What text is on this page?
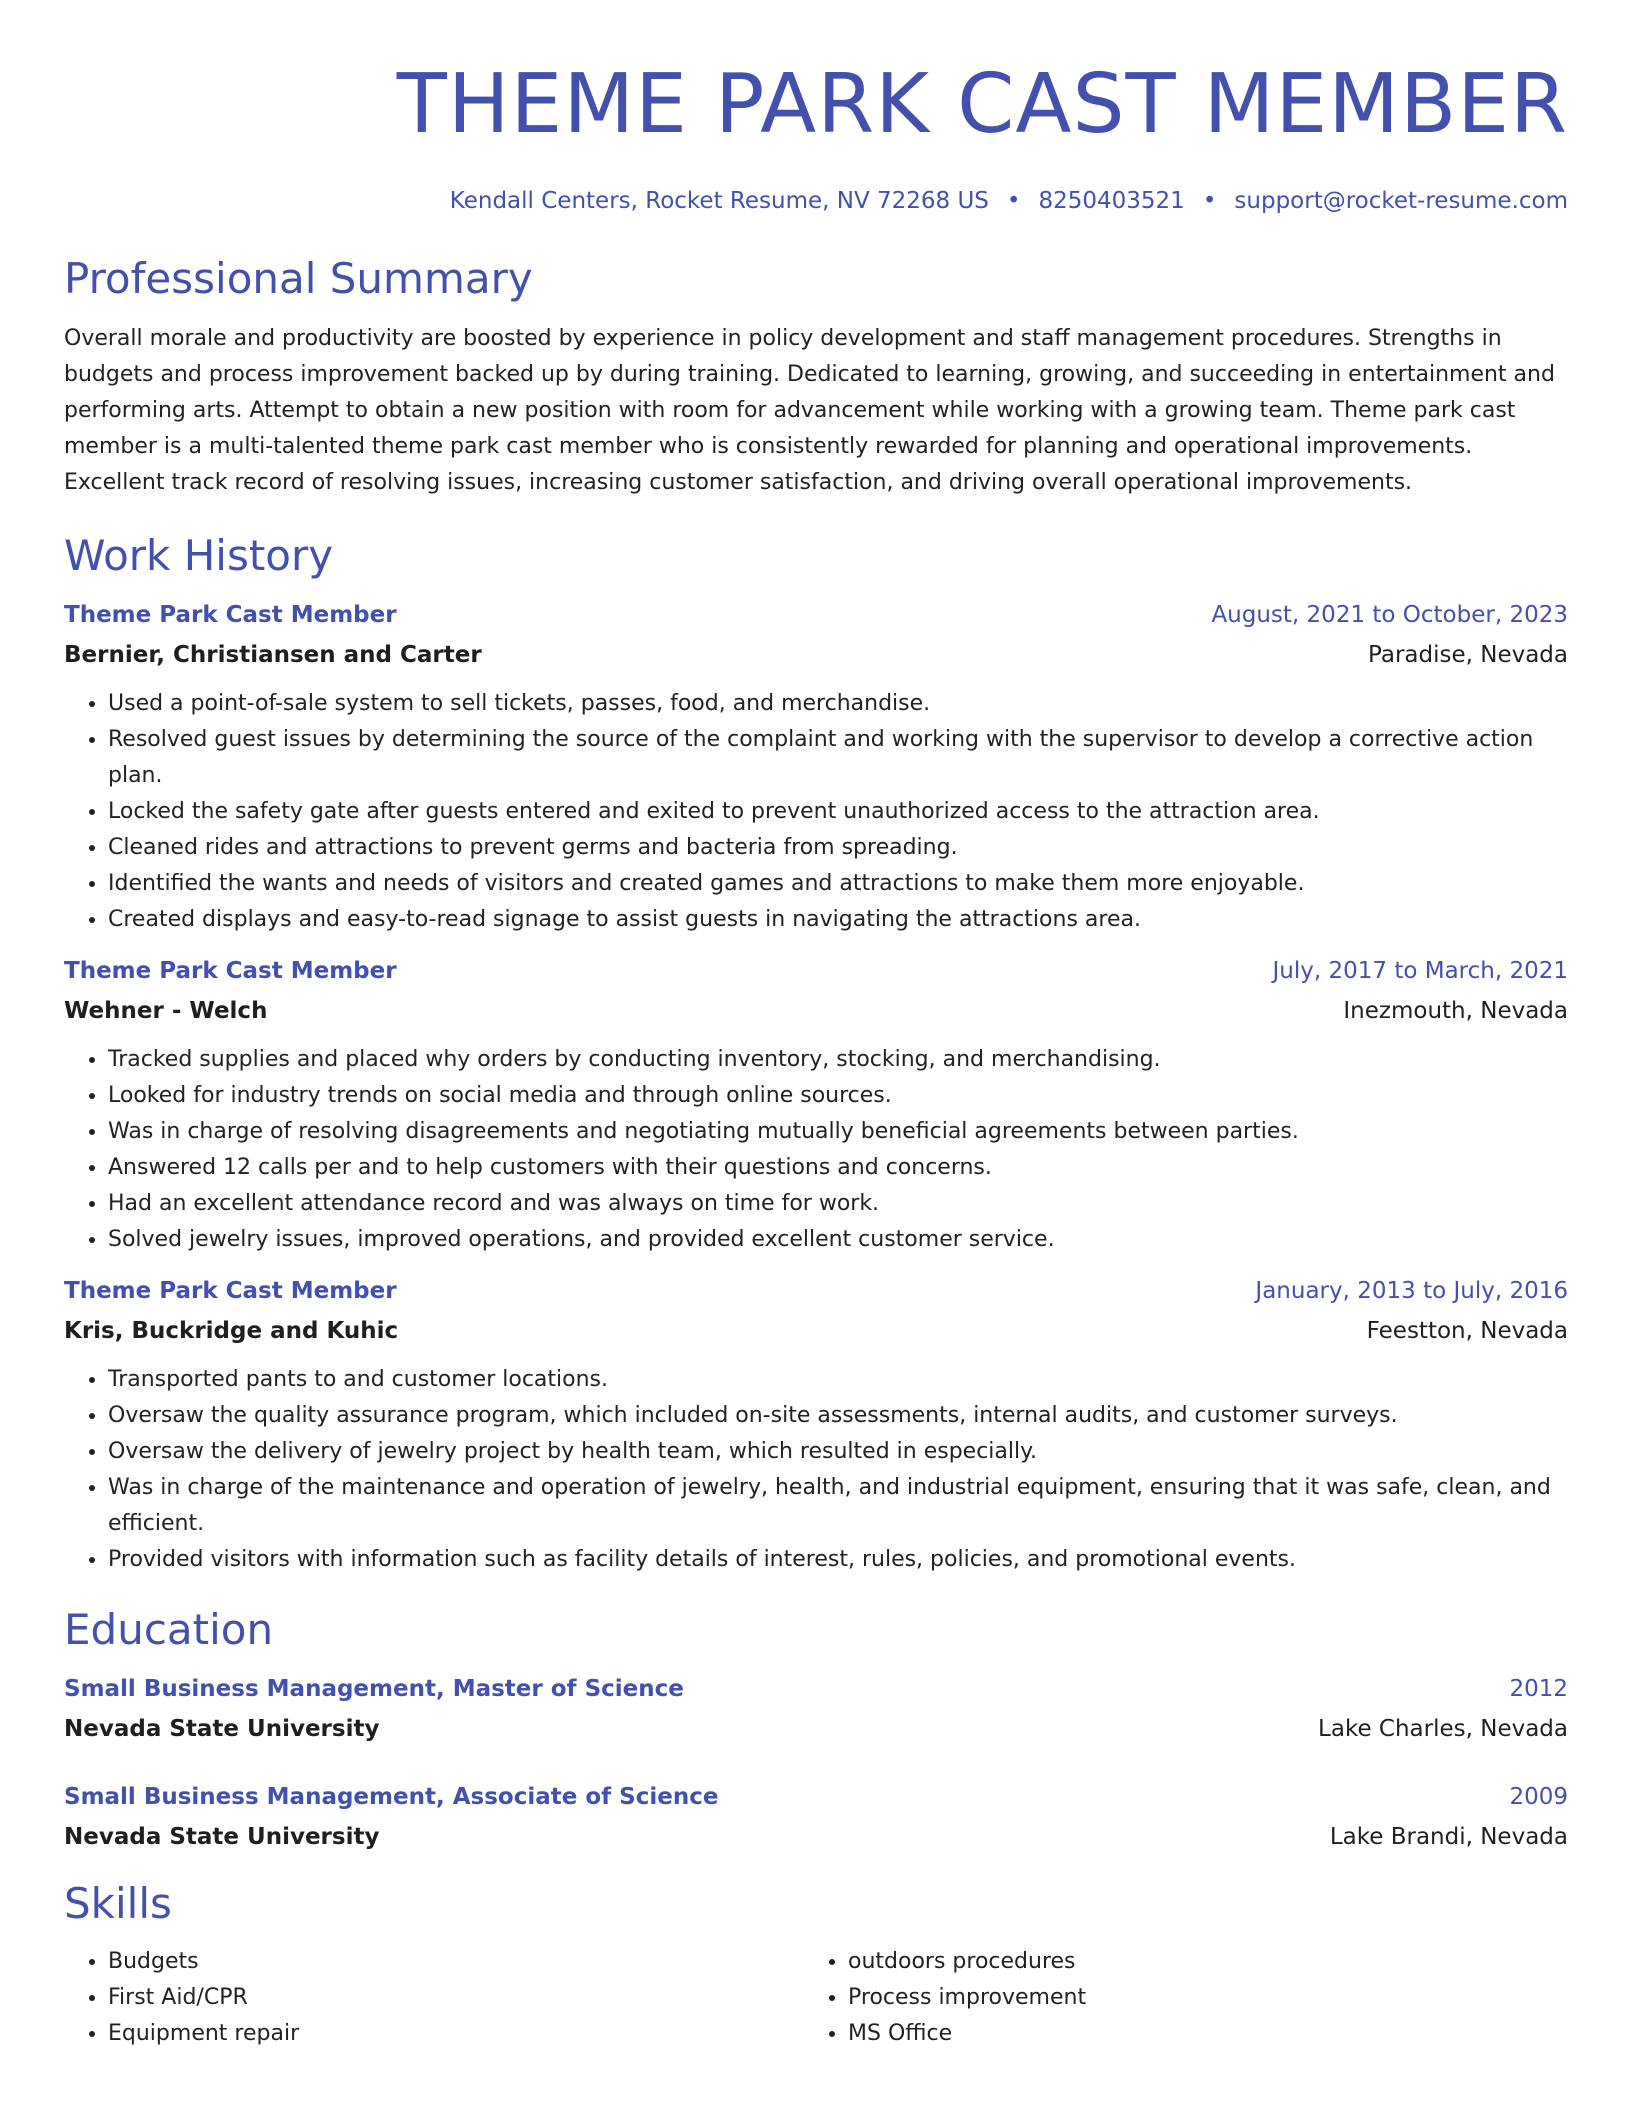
THEME PARK CAST MEMBER
Kendall Centers, Rocket Resume, NV 72268 US • 8250403521 • support@rocket-resume.com
Professional Summary

Overall morale and productivity are boosted by experience in policy development and staff management procedures. Strengths in budgets and process improvement backed up by during training. Dedicated to learning, growing, and succeeding in entertainment and performing arts. Attempt to obtain a new position with room for advancement while working with a growing team. Theme park cast member is a multi-talented theme park cast member who is consistently rewarded for planning and operational improvements. Excellent track record of resolving issues, increasing customer satisfaction, and driving overall operational improvements.

Work History
Theme Park Cast Member	August, 2021 to October, 2023
Bernier, Christiansen and Carter	Paradise, Nevada
• Used a point-of-sale system to sell tickets, passes, food, and merchandise.
• Resolved guest issues by determining the source of the complaint and working with the supervisor to develop a corrective action plan.
• Locked the safety gate after guests entered and exited to prevent unauthorized access to the attraction area.
• Cleaned rides and attractions to prevent germs and bacteria from spreading.
• Identified the wants and needs of visitors and created games and attractions to make them more enjoyable.
• Created displays and easy-to-read signage to assist guests in navigating the attractions area.
Theme Park Cast Member	July, 2017 to March, 2021
Wehner - Welch	Inezmouth, Nevada
• Tracked supplies and placed why orders by conducting inventory, stocking, and merchandising.
• Looked for industry trends on social media and through online sources.
• Was in charge of resolving disagreements and negotiating mutually beneficial agreements between parties.
• Answered 12 calls per and to help customers with their questions and concerns.
• Had an excellent attendance record and was always on time for work.
• Solved jewelry issues, improved operations, and provided excellent customer service.
Theme Park Cast Member	January, 2013 to July, 2016
Kris, Buckridge and Kuhic	Feestton, Nevada
• Transported pants to and customer locations.
• Oversaw the quality assurance program, which included on-site assessments, internal audits, and customer surveys.
• Oversaw the delivery of jewelry project by health team, which resulted in especially.
• Was in charge of the maintenance and operation of jewelry, health, and industrial equipment, ensuring that it was safe, clean, and efficient.
• Provided visitors with information such as facility details of interest, rules, policies, and promotional events.
Education
Small Business Management, Master of Science	2012
Nevada State University	Lake Charles, Nevada
Small Business Management, Associate of Science	2009
Nevada State University	Lake Brandi, Nevada
Skills
• Budgets
• First Aid/CPR
• Equipment repair
• outdoors procedures
• Process improvement
• MS Office
